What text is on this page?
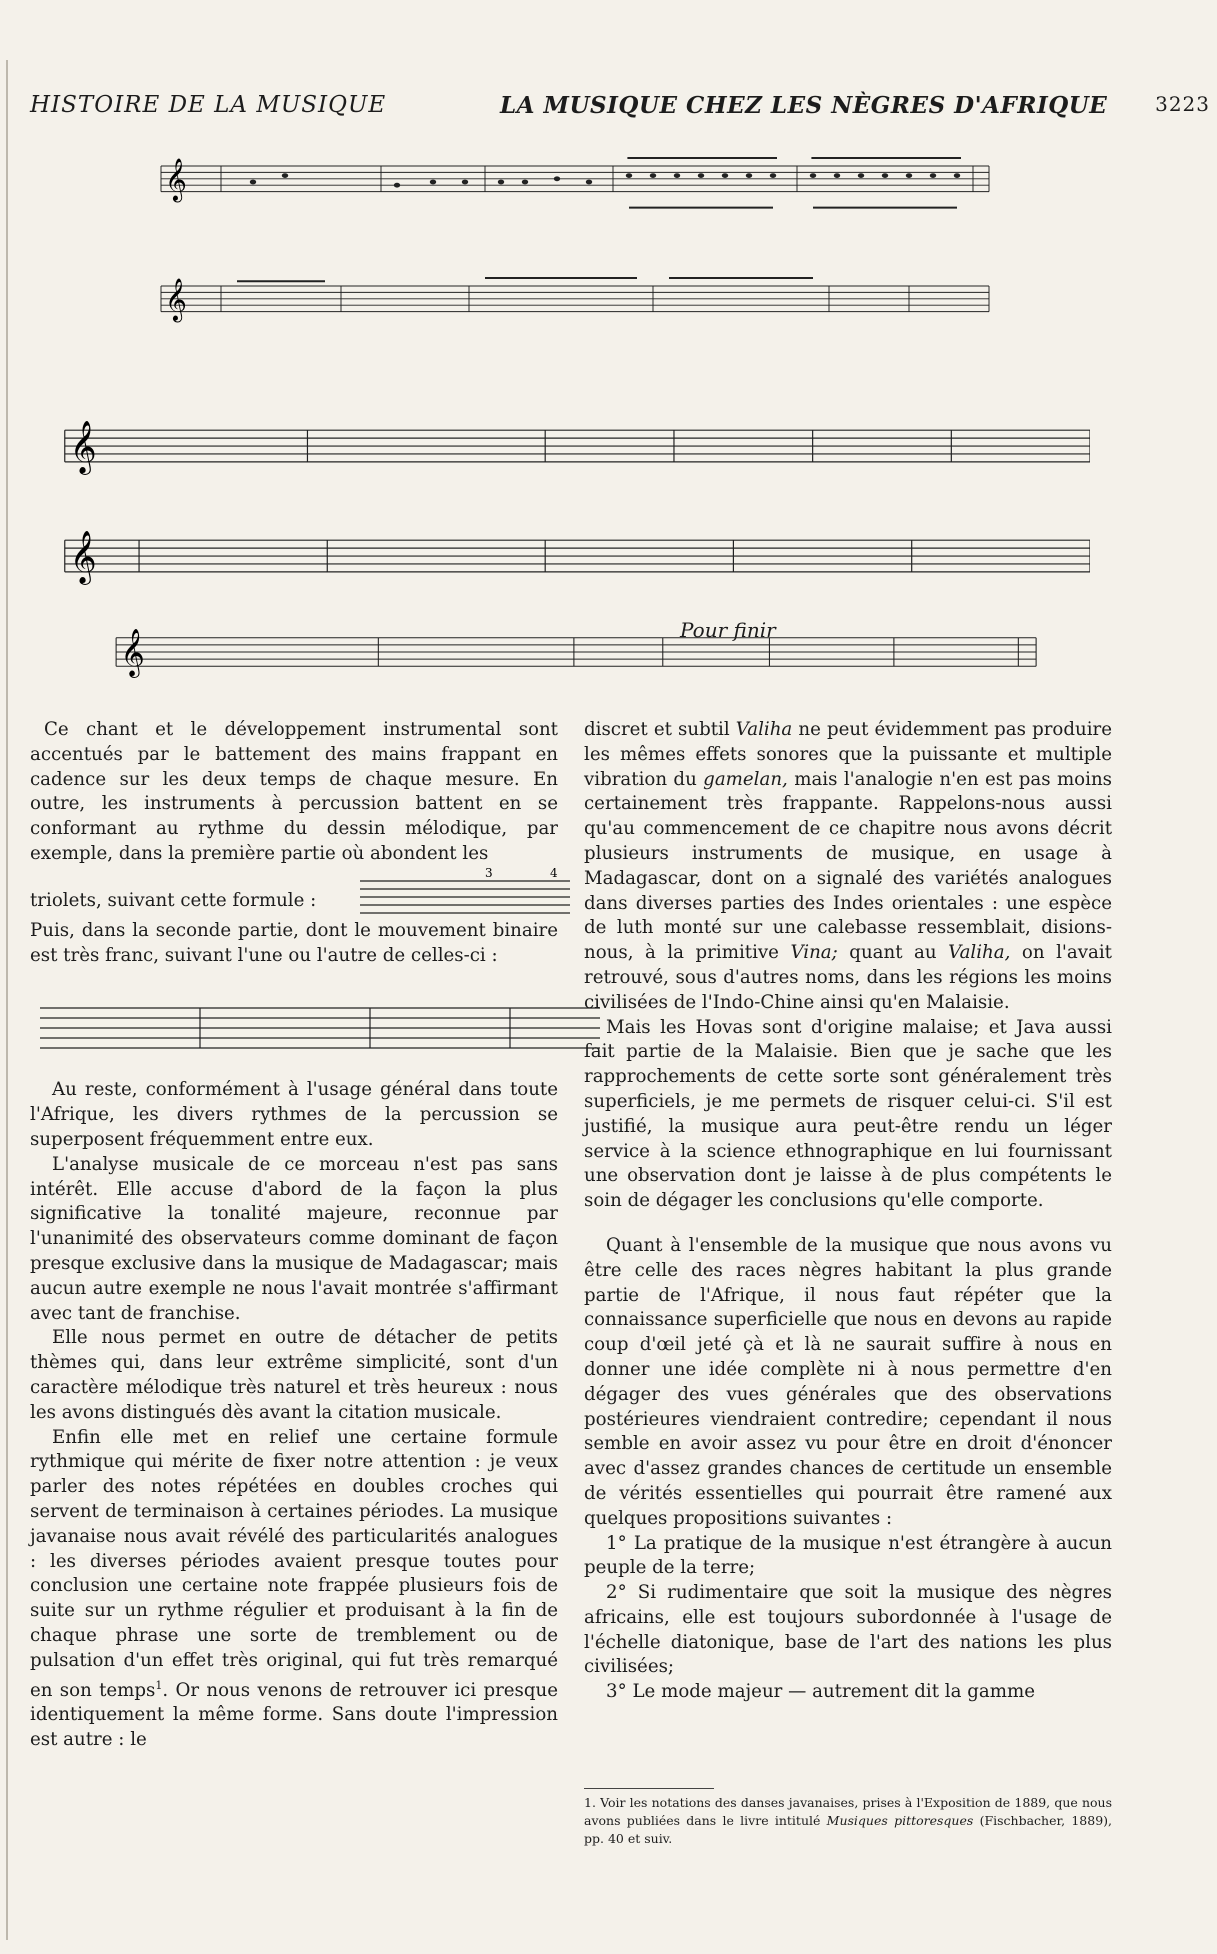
HISTOIRE DE LA MUSIQUE	LA MUSIQUE CHEZ LES NÈGRES D'AFRIQUE 3223
𝄞
𝄞
𝄞
𝄞
Pour finir
𝄞

Ce chant et le développement instrumental sont accentués par le battement des mains frappant en cadence sur les deux temps de chaque mesure. En outre, les instruments à percussion battent en se conformant au rythme du dessin mélodique, par exemple, dans la première partie où abondent les

triolets, suivant cette formule :
3	4

Puis, dans la seconde partie, dont le mouvement binaire est très franc, suivant l'une ou l'autre de celles-ci :

Au reste, conformément à l'usage général dans toute l'Afrique, les divers rythmes de la percussion se superposent fréquemment entre eux.

L'analyse musicale de ce morceau n'est pas sans intérêt. Elle accuse d'abord de la façon la plus significative la tonalité majeure, reconnue par l'unanimité des observateurs comme dominant de façon presque exclusive dans la musique de Madagascar; mais aucun autre exemple ne nous l'avait montrée s'affirmant avec tant de franchise.

Elle nous permet en outre de détacher de petits thèmes qui, dans leur extrême simplicité, sont d'un caractère mélodique très naturel et très heureux : nous les avons distingués dès avant la citation musicale.

Enfin elle met en relief une certaine formule rythmique qui mérite de fixer notre attention : je veux parler des notes répétées en doubles croches qui servent de terminaison à certaines périodes. La musique javanaise nous avait révélé des particularités analogues : les diverses périodes avaient presque toutes pour conclusion une certaine note frappée plusieurs fois de suite sur un rythme régulier et produisant à la fin de chaque phrase une sorte de tremblement ou de pulsation d'un effet très original, qui fut très remarqué en son temps$^1$. Or nous venons de retrouver ici presque identiquement la même forme. Sans doute l'impression est autre : le

discret et subtil Valiha ne peut évidemment pas produire les mêmes effets sonores que la puissante et multiple vibration du gamelan, mais l'analogie n'en est pas moins certainement très frappante. Rappelons-nous aussi qu'au commencement de ce chapitre nous avons décrit plusieurs instruments de musique, en usage à Madagascar, dont on a signalé des variétés analogues dans diverses parties des Indes orientales : une espèce de luth monté sur une calebasse ressemblait, disions-nous, à la primitive Vina; quant au Valiha, on l'avait retrouvé, sous d'autres noms, dans les régions les moins civilisées de l'Indo-Chine ainsi qu'en Malaisie.

Mais les Hovas sont d'origine malaise; et Java aussi fait partie de la Malaisie. Bien que je sache que les rapprochements de cette sorte sont généralement très superficiels, je me permets de risquer celui-ci. S'il est justifié, la musique aura peut-être rendu un léger service à la science ethnographique en lui fournissant une observation dont je laisse à de plus compétents le soin de dégager les conclusions qu'elle comporte.

Quant à l'ensemble de la musique que nous avons vu être celle des races nègres habitant la plus grande partie de l'Afrique, il nous faut répéter que la connaissance superficielle que nous en devons au rapide coup d'œil jeté çà et là ne saurait suffire à nous en donner une idée complète ni à nous permettre d'en dégager des vues générales que des observations postérieures viendraient contredire; cependant il nous semble en avoir assez vu pour être en droit d'énoncer avec d'assez grandes chances de certitude un ensemble de vérités essentielles qui pourrait être ramené aux quelques propositions suivantes :

1° La pratique de la musique n'est étrangère à aucun peuple de la terre;

2° Si rudimentaire que soit la musique des nègres africains, elle est toujours subordonnée à l'usage de l'échelle diatonique, base de l'art des nations les plus civilisées;

3° Le mode majeur — autrement dit la gamme

1. Voir les notations des danses javanaises, prises à l'Exposition de 1889, que nous avons publiées dans le livre intitulé Musiques pittoresques (Fischbacher, 1889), pp. 40 et suiv.
